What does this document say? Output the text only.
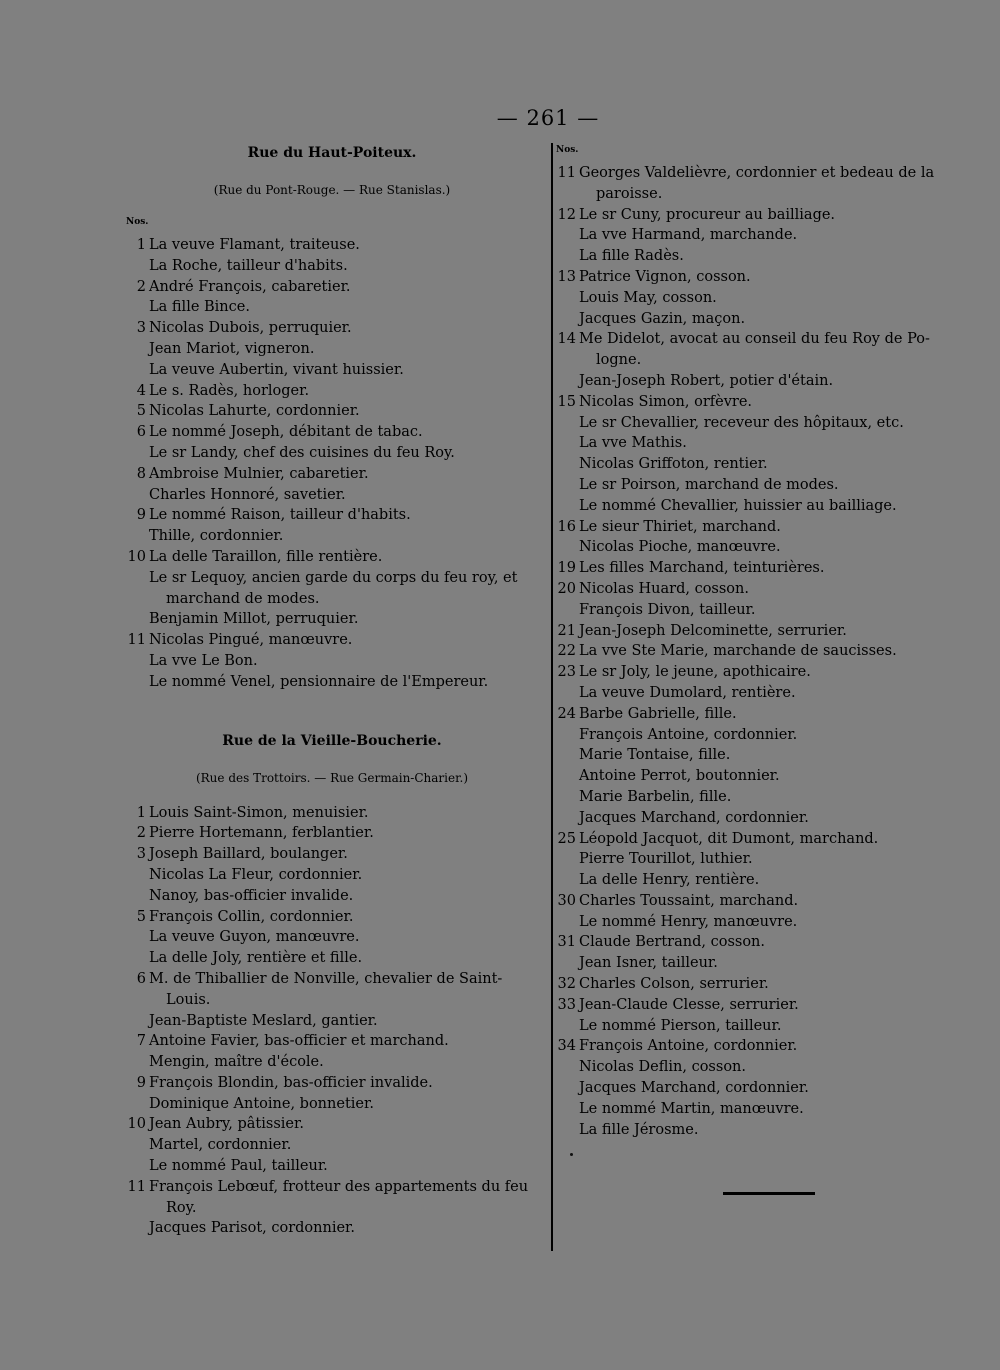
— 261 —
Rue du Haut-Poiteux.
(Rue du Pont-Rouge. — Rue Stanislas.)
Nos.
1 La veuve Flamant, traiteuse.
La Roche, tailleur d'habits.
2 André François, cabaretier.
La fille Bince.
3 Nicolas Dubois, perruquier.
Jean Mariot, vigneron.
La veuve Aubertin, vivant huissier.
4 Le s. Radès, horloger.
5 Nicolas Lahurte, cordonnier.
6 Le nommé Joseph, débitant de tabac.
Le sr Landy, chef des cuisines du feu Roy.
8 Ambroise Mulnier, cabaretier.
Charles Honnoré, savetier.
9 Le nommé Raison, tailleur d'habits.
Thille, cordonnier.
10 La delle Taraillon, fille rentière.
Le sr Lequoy, ancien garde du corps du feu roy, et
marchand de modes.
Benjamin Millot, perruquier.
11 Nicolas Pingué, manœuvre.
La vve Le Bon.
Le nommé Venel, pensionnaire de l'Empereur.
Rue de la Vieille-Boucherie.
(Rue des Trottoirs. — Rue Germain-Charier.)
1 Louis Saint-Simon, menuisier.
2 Pierre Hortemann, ferblantier.
3 Joseph Baillard, boulanger.
Nicolas La Fleur, cordonnier.
Nanoy, bas-officier invalide.
5 François Collin, cordonnier.
La veuve Guyon, manœuvre.
La delle Joly, rentière et fille.
6 M. de Thiballier de Nonville, chevalier de Saint-
Louis.
Jean-Baptiste Meslard, gantier.
7 Antoine Favier, bas-officier et marchand.
Mengin, maître d'école.
9 François Blondin, bas-officier invalide.
Dominique Antoine, bonnetier.
10 Jean Aubry, pâtissier.
Martel, cordonnier.
Le nommé Paul, tailleur.
11 François Lebœuf, frotteur des appartements du feu
Roy.
Jacques Parisot, cordonnier.
Nos.
11 Georges Valdelièvre, cordonnier et bedeau de la
paroisse.
12 Le sr Cuny, procureur au bailliage.
La vve Harmand, marchande.
La fille Radès.
13 Patrice Vignon, cosson.
Louis May, cosson.
Jacques Gazin, maçon.
14 Me Didelot, avocat au conseil du feu Roy de Po-
logne.
Jean-Joseph Robert, potier d'étain.
15 Nicolas Simon, orfèvre.
Le sr Chevallier, receveur des hôpitaux, etc.
La vve Mathis.
Nicolas Griffoton, rentier.
Le sr Poirson, marchand de modes.
Le nommé Chevallier, huissier au bailliage.
16 Le sieur Thiriet, marchand.
Nicolas Pioche, manœuvre.
19 Les filles Marchand, teinturières.
20 Nicolas Huard, cosson.
François Divon, tailleur.
21 Jean-Joseph Delcominette, serrurier.
22 La vve Ste Marie, marchande de saucisses.
23 Le sr Joly, le jeune, apothicaire.
La veuve Dumolard, rentière.
24 Barbe Gabrielle, fille.
François Antoine, cordonnier.
Marie Tontaise, fille.
Antoine Perrot, boutonnier.
Marie Barbelin, fille.
Jacques Marchand, cordonnier.
25 Léopold Jacquot, dit Dumont, marchand.
Pierre Tourillot, luthier.
La delle Henry, rentière.
30 Charles Toussaint, marchand.
Le nommé Henry, manœuvre.
31 Claude Bertrand, cosson.
Jean Isner, tailleur.
32 Charles Colson, serrurier.
33 Jean-Claude Clesse, serrurier.
Le nommé Pierson, tailleur.
34 François Antoine, cordonnier.
Nicolas Deflin, cosson.
Jacques Marchand, cordonnier.
Le nommé Martin, manœuvre.
La fille Jérosme.
